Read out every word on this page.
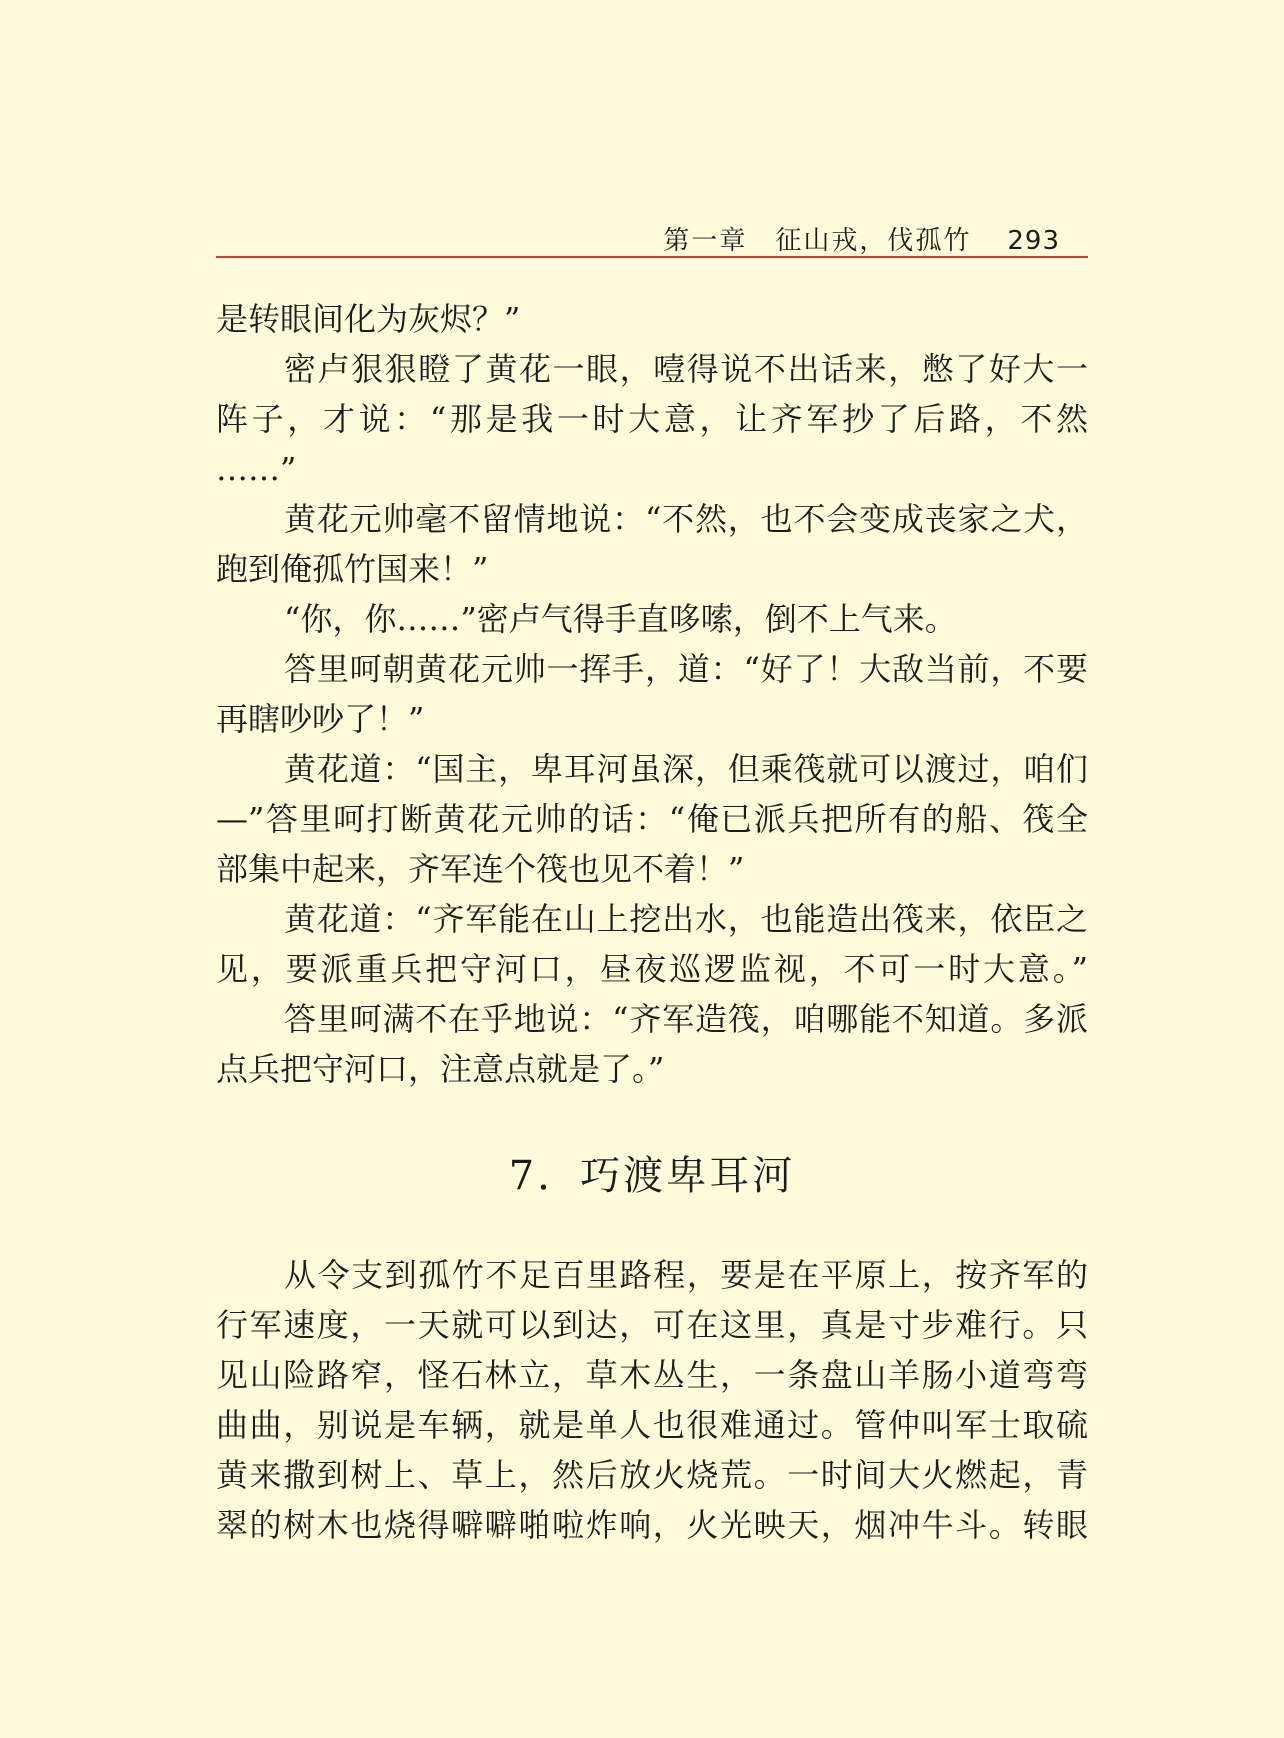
第一章　征山戎，伐孤竹 293
是转眼间化为灰烬？”
密卢狠狠瞪了黄花一眼，噎得说不出话来，憋了好大一
阵子，才说：“那是我一时大意，让齐军抄了后路，不然
……”
黄花元帅毫不留情地说：“不然，也不会变成丧家之犬，
跑到俺孤竹国来！”
“你，你……”密卢气得手直哆嗦，倒不上气来。
答里呵朝黄花元帅一挥手，道：“好了！大敌当前，不要
再瞎吵吵了！”
黄花道：“国主，卑耳河虽深，但乘筏就可以渡过，咱们
—”答里呵打断黄花元帅的话：“俺已派兵把所有的船、筏全
部集中起来，齐军连个筏也见不着！”
黄花道：“齐军能在山上挖出水，也能造出筏来，依臣之
见，要派重兵把守河口，昼夜巡逻监视，不可一时大意。”
答里呵满不在乎地说：“齐军造筏，咱哪能不知道。多派
点兵把守河口，注意点就是了。”
7．巧渡卑耳河
从令支到孤竹不足百里路程，要是在平原上，按齐军的
行军速度，一天就可以到达，可在这里，真是寸步难行。只
见山险路窄，怪石林立，草木丛生，一条盘山羊肠小道弯弯
曲曲，别说是车辆，就是单人也很难通过。管仲叫军士取硫
黄来撒到树上、草上，然后放火烧荒。一时间大火燃起，青
翠的树木也烧得噼噼啪啦炸响，火光映天，烟冲牛斗。转眼
